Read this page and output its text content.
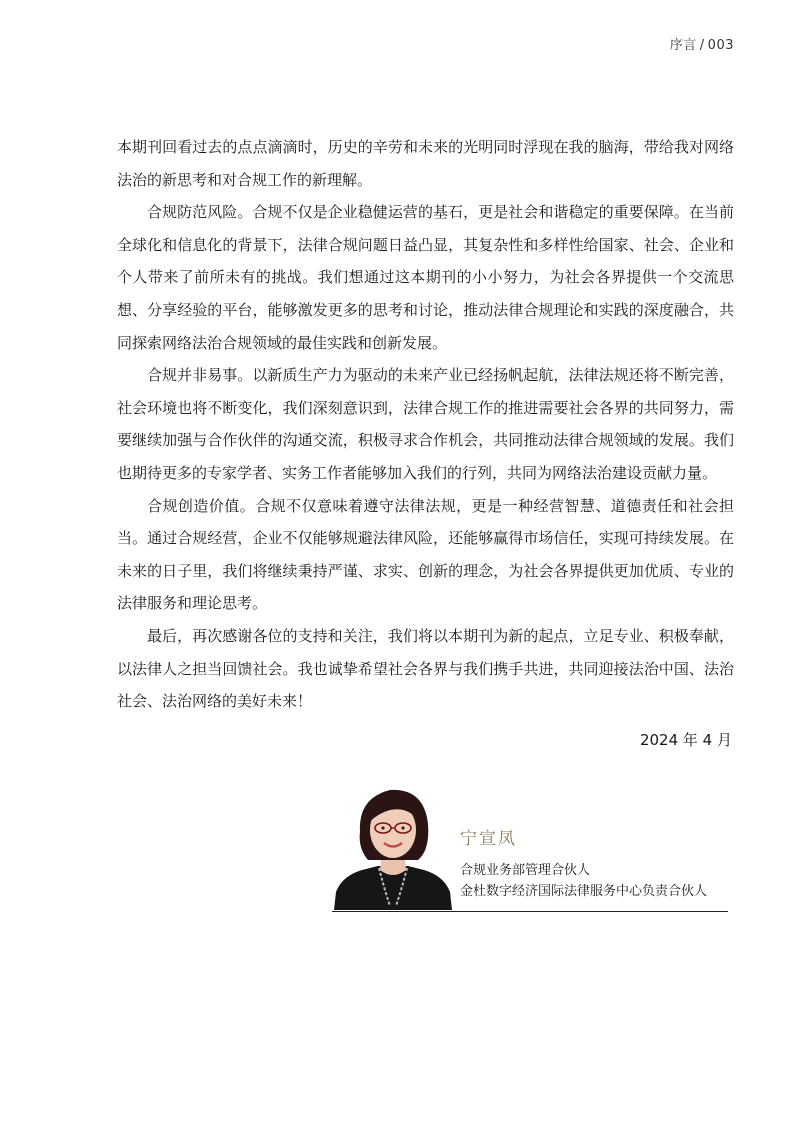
序言 / 003

本期刊回看过去的点点滴滴时，历史的辛劳和未来的光明同时浮现在我的脑海，带给我对网络法治的新思考和对合规工作的新理解。

合规防范风险。合规不仅是企业稳健运营的基石，更是社会和谐稳定的重要保障。在当前全球化和信息化的背景下，法律合规问题日益凸显，其复杂性和多样性给国家、社会、企业和个人带来了前所未有的挑战。我们想通过这本期刊的小小努力，为社会各界提供一个交流思想、分享经验的平台，能够激发更多的思考和讨论，推动法律合规理论和实践的深度融合，共同探索网络法治合规领域的最佳实践和创新发展。

合规并非易事。以新质生产力为驱动的未来产业已经扬帆起航，法律法规还将不断完善，社会环境也将不断变化，我们深刻意识到，法律合规工作的推进需要社会各界的共同努力，需要继续加强与合作伙伴的沟通交流，积极寻求合作机会，共同推动法律合规领域的发展。我们也期待更多的专家学者、实务工作者能够加入我们的行列，共同为网络法治建设贡献力量。

合规创造价值。合规不仅意味着遵守法律法规，更是一种经营智慧、道德责任和社会担当。通过合规经营，企业不仅能够规避法律风险，还能够赢得市场信任，实现可持续发展。在未来的日子里，我们将继续秉持严谨、求实、创新的理念，为社会各界提供更加优质、专业的法律服务和理论思考。

最后，再次感谢各位的支持和关注，我们将以本期刊为新的起点，立足专业、积极奉献，以法律人之担当回馈社会。我也诚挚希望社会各界与我们携手共进，共同迎接法治中国、法治社会、法治网络的美好未来！

2024 年 4 月
宁宣凤
合规业务部管理合伙人
金杜数字经济国际法律服务中心负责合伙人
